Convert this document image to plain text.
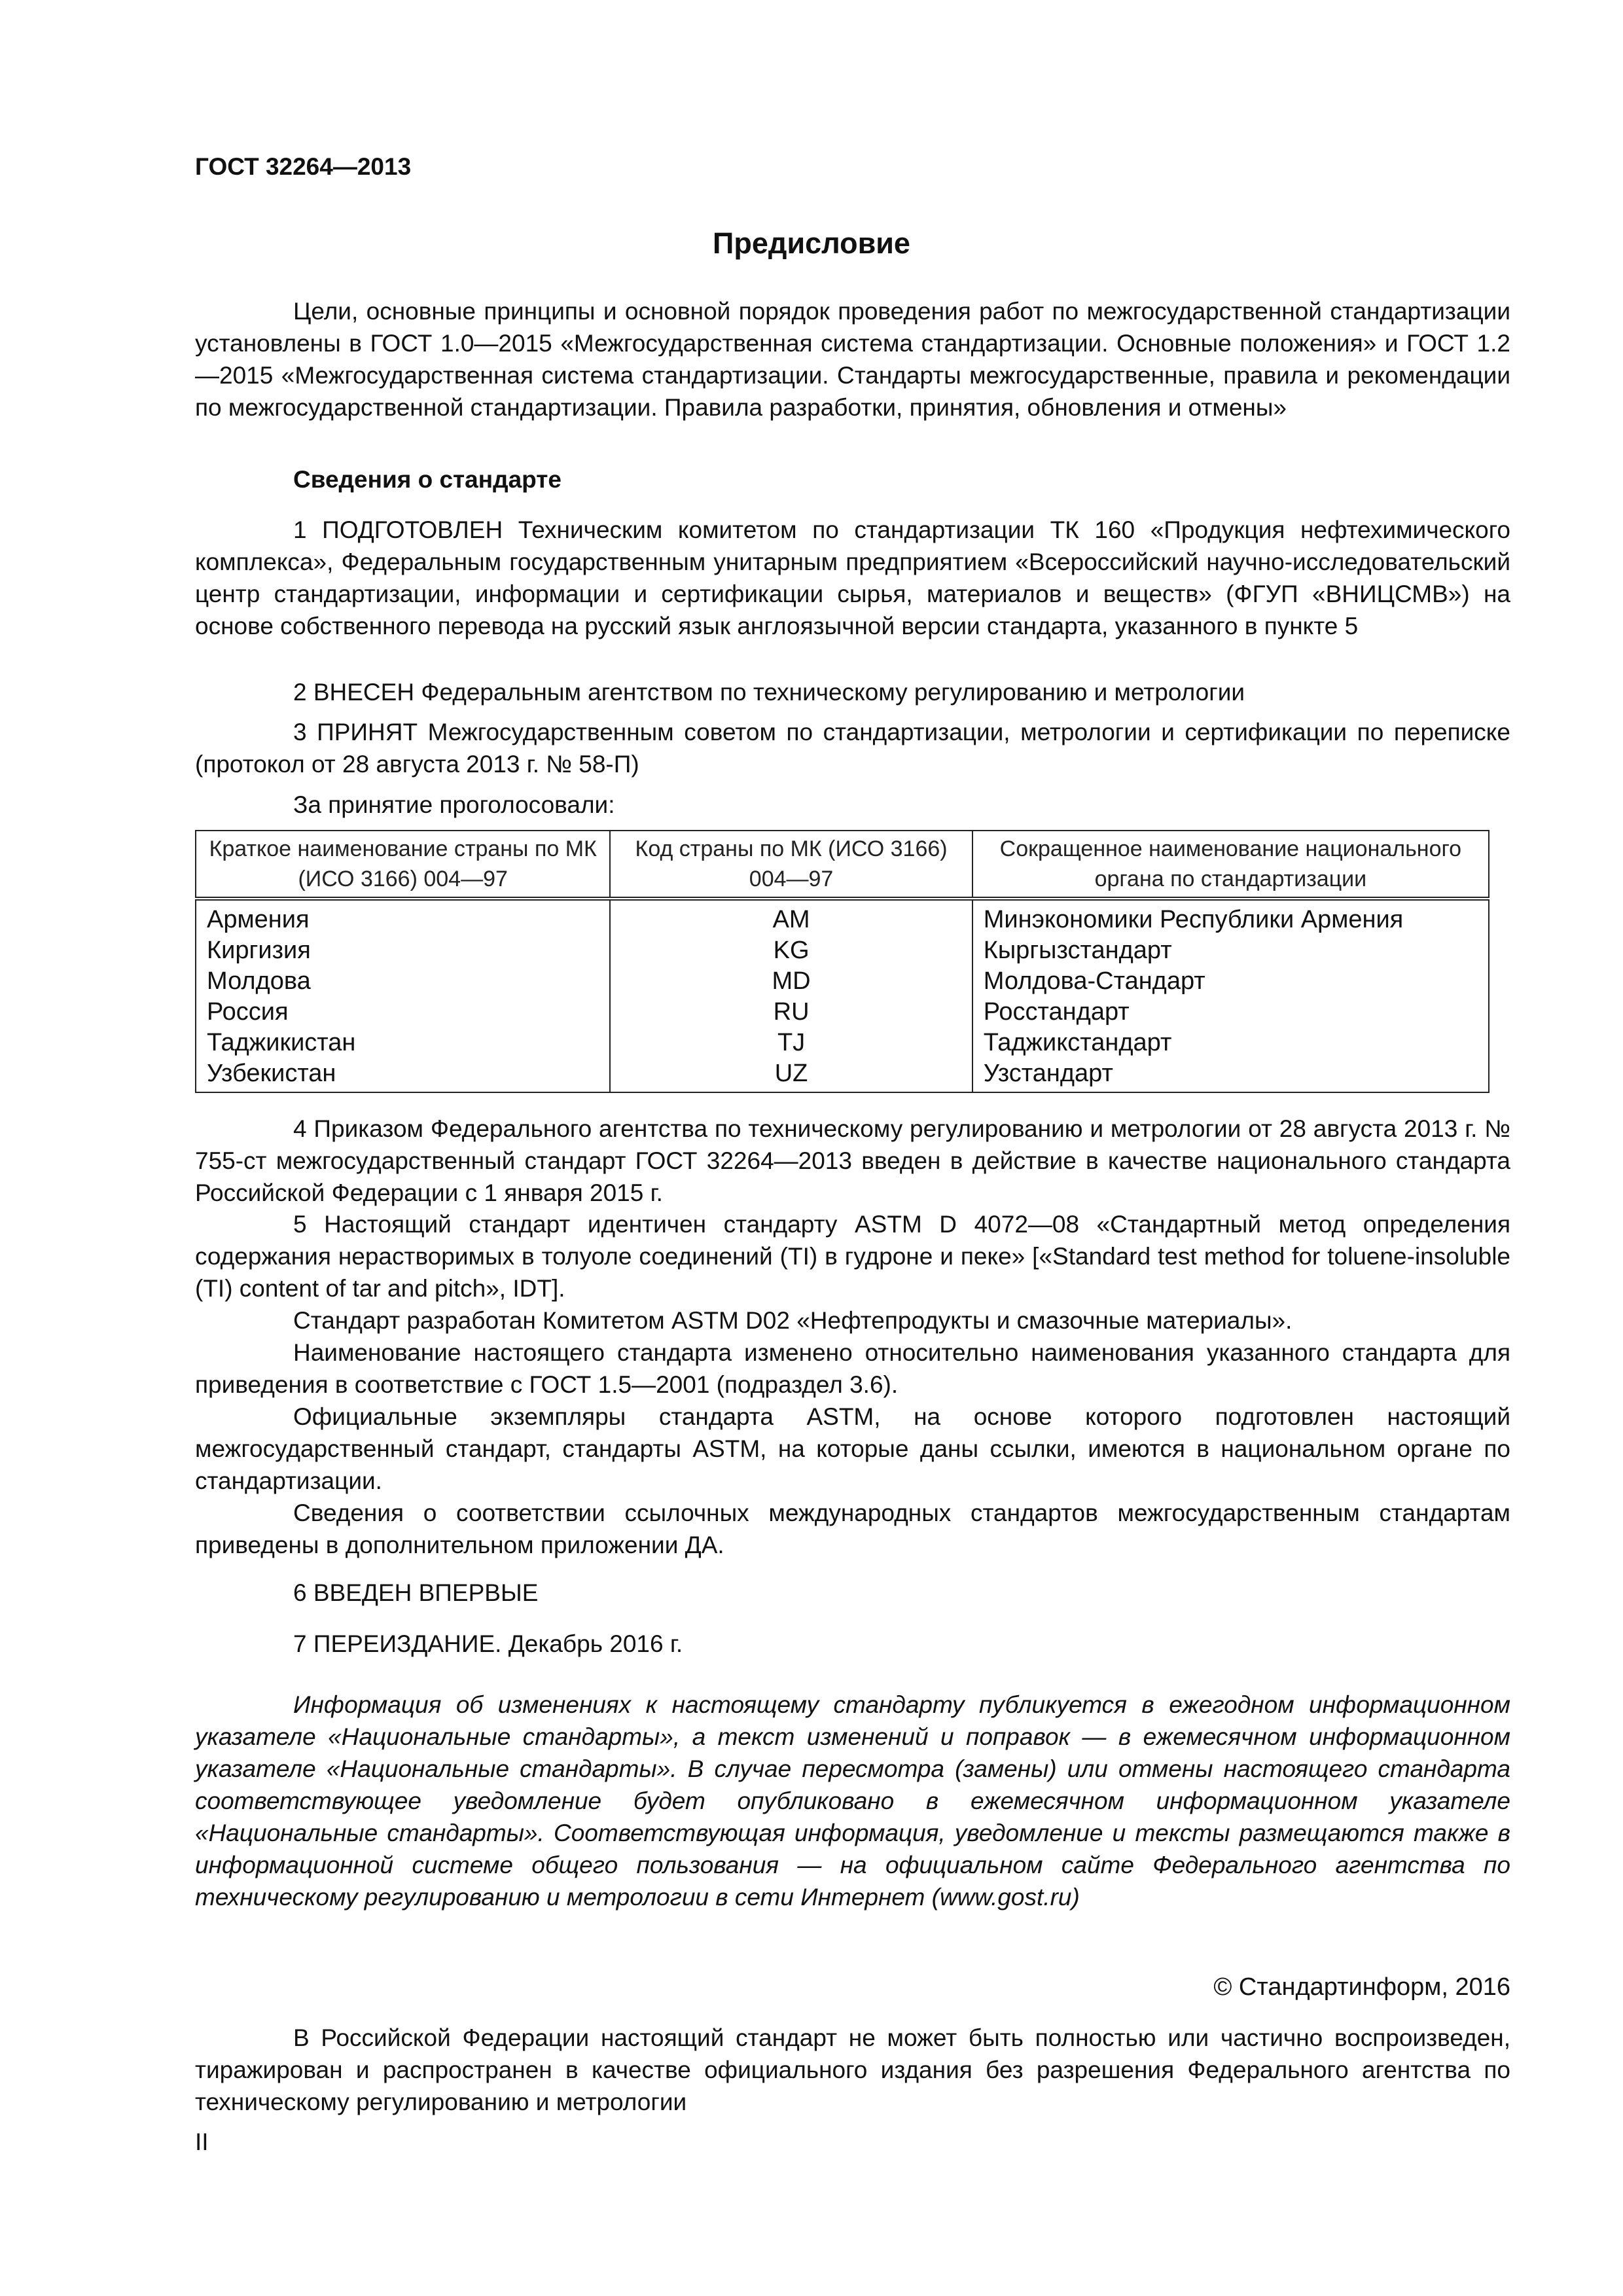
ГОСТ 32264—2013

Предисловие

Цели, основные принципы и основной порядок проведения работ по межгосударственной стандартизации установлены в ГОСТ 1.0—2015 «Межгосударственная система стандартизации. Основные положения» и ГОСТ 1.2—2015 «Межгосударственная система стандартизации. Стандарты межгосударственные, правила и рекомендации по межгосударственной стандартизации. Правила разработки, принятия, обновления и отмены»

Сведения о стандарте

1 ПОДГОТОВЛЕН Техническим комитетом по стандартизации ТК 160 «Продукция нефтехимического комплекса», Федеральным государственным унитарным предприятием «Всероссийский научно-исследовательский центр стандартизации, информации и сертификации сырья, материалов и веществ» (ФГУП «ВНИЦСМВ») на основе собственного перевода на русский язык англоязычной версии стандарта, указанного в пункте 5

2 ВНЕСЕН Федеральным агентством по техническому регулированию и метрологии

3 ПРИНЯТ Межгосударственным советом по стандартизации, метрологии и сертификации по переписке (протокол от 28 августа 2013 г. № 58-П)

За принятие проголосовали:

Краткое наименование страны по МК (ИСО 3166) 004—97	Код страны по МК (ИСО 3166) 004—97	Сокращенное наименование национального органа по стандартизации
Армения	AM	Минэкономики Республики Армения
Киргизия	KG	Кыргызстандарт
Молдова	MD	Молдова-Стандарт
Россия	RU	Росстандарт
Таджикистан	TJ	Таджикстандарт
Узбекистан	UZ	Узстандарт

4 Приказом Федерального агентства по техническому регулированию и метрологии от 28 августа 2013 г. № 755-ст межгосударственный стандарт ГОСТ 32264—2013 введен в действие в качестве национального стандарта Российской Федерации с 1 января 2015 г.

5 Настоящий стандарт идентичен стандарту ASTM D 4072—08 «Стандартный метод определения содержания нерастворимых в толуоле соединений (TI) в гудроне и пеке» [«Standard test method for toluene-insoluble (TI) content of tar and pitch», IDT].

Стандарт разработан Комитетом ASTM D02 «Нефтепродукты и смазочные материалы».

Наименование настоящего стандарта изменено относительно наименования указанного стандарта для приведения в соответствие с ГОСТ 1.5—2001 (подраздел 3.6).

Официальные экземпляры стандарта ASTM, на основе которого подготовлен настоящий межгосударственный стандарт, стандарты ASTM, на которые даны ссылки, имеются в национальном органе по стандартизации.

Сведения о соответствии ссылочных международных стандартов межгосударственным стандартам приведены в дополнительном приложении ДА.

6 ВВЕДЕН ВПЕРВЫЕ

7 ПЕРЕИЗДАНИЕ. Декабрь 2016 г.

Информация об изменениях к настоящему стандарту публикуется в ежегодном информационном указателе «Национальные стандарты», а текст изменений и поправок — в ежемесячном информационном указателе «Национальные стандарты». В случае пересмотра (замены) или отмены настоящего стандарта соответствующее уведомление будет опубликовано в ежемесячном информационном указателе «Национальные стандарты». Соответствующая информация, уведомление и тексты размещаются также в информационной системе общего пользования — на официальном сайте Федерального агентства по техническому регулированию и метрологии в сети Интернет (www.gost.ru)

© Стандартинформ, 2016

В Российской Федерации настоящий стандарт не может быть полностью или частично воспроизведен, тиражирован и распространен в качестве официального издания без разрешения Федерального агентства по техническому регулированию и метрологии

II
